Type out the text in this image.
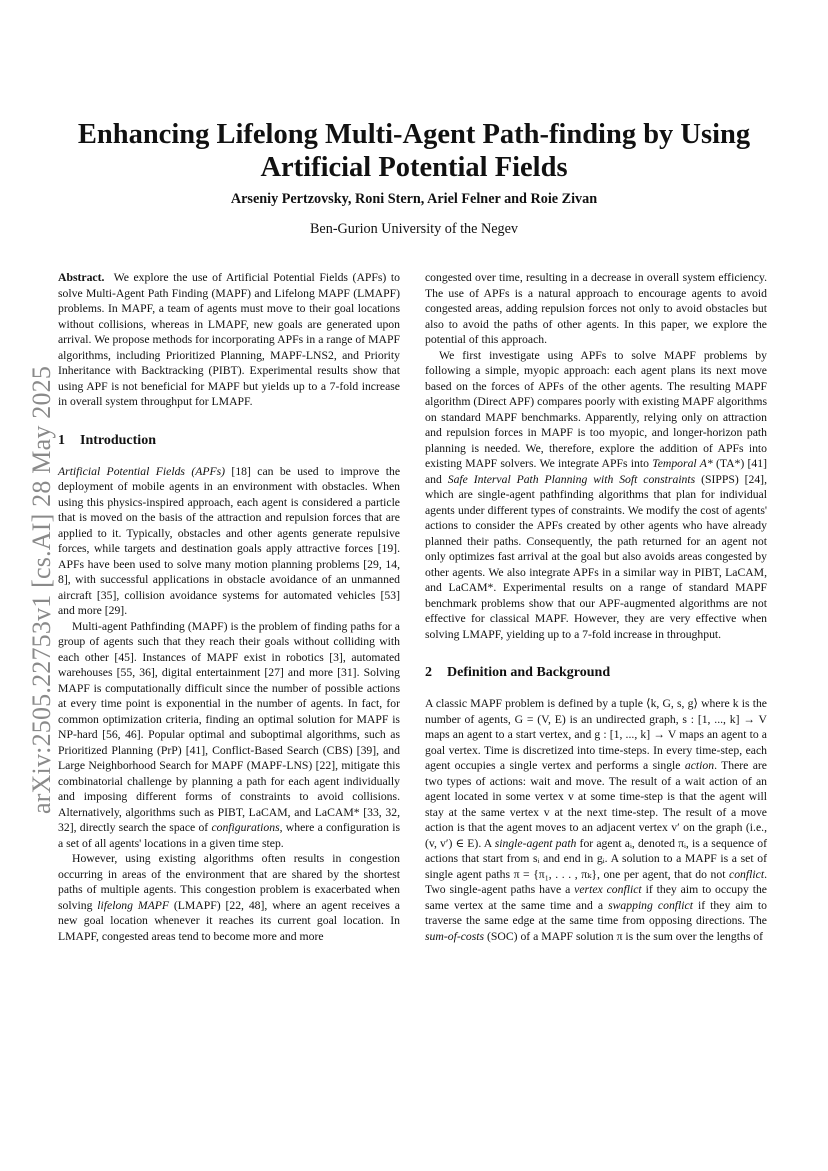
arXiv:2505.22753v1 [cs.AI] 28 May 2025
Enhancing Lifelong Multi-Agent Path-finding by Using
Artificial Potential Fields
Arseniy Pertzovsky, Roni Stern, Ariel Felner and Roie Zivan
Ben-Gurion University of the Negev

Abstract. We explore the use of Artificial Potential Fields (APFs) to solve Multi-Agent Path Finding (MAPF) and Lifelong MAPF (LMAPF) problems. In MAPF, a team of agents must move to their goal locations without collisions, whereas in LMAPF, new goals are generated upon arrival. We propose methods for incorporating APFs in a range of MAPF algorithms, including Prioritized Planning, MAPF-LNS2, and Priority Inheritance with Backtracking (PIBT). Experimental results show that using APF is not beneficial for MAPF but yields up to a 7-fold increase in overall system throughput for LMAPF.

1 Introduction

Artificial Potential Fields (APFs) [18] can be used to improve the deployment of mobile agents in an environment with obstacles. When using this physics-inspired approach, each agent is considered a particle that is moved on the basis of the attraction and repulsion forces that are applied to it. Typically, obstacles and other agents generate repulsive forces, while targets and destination goals apply attractive forces [19]. APFs have been used to solve many motion planning problems [29, 14, 8], with successful applications in obstacle avoidance of an unmanned aircraft [35], collision avoidance systems for automated vehicles [53] and more [29].

Multi-agent Pathfinding (MAPF) is the problem of finding paths for a group of agents such that they reach their goals without colliding with each other [45]. Instances of MAPF exist in robotics [3], automated warehouses [55, 36], digital entertainment [27] and more [31]. Solving MAPF is computationally difficult since the number of possible actions at every time point is exponential in the number of agents. In fact, for common optimization criteria, finding an optimal solution for MAPF is NP-hard [56, 46]. Popular optimal and suboptimal algorithms, such as Prioritized Planning (PrP) [41], Conflict-Based Search (CBS) [39], and Large Neighborhood Search for MAPF (MAPF-LNS) [22], mitigate this combinatorial challenge by planning a path for each agent individually and imposing different forms of constraints to avoid collisions. Alternatively, algorithms such as PIBT, LaCAM, and LaCAM* [33, 32, 32], directly search the space of configurations, where a configuration is a set of all agents' locations in a given time step.

However, using existing algorithms often results in congestion occurring in areas of the environment that are shared by the shortest paths of multiple agents. This congestion problem is exacerbated when solving lifelong MAPF (LMAPF) [22, 48], where an agent receives a new goal location whenever it reaches its current goal location. In LMAPF, congested areas tend to become more and more

congested over time, resulting in a decrease in overall system efficiency. The use of APFs is a natural approach to encourage agents to avoid congested areas, adding repulsion forces not only to avoid obstacles but also to avoid the paths of other agents. In this paper, we explore the potential of this approach.

We first investigate using APFs to solve MAPF problems by following a simple, myopic approach: each agent plans its next move based on the forces of APFs of the other agents. The resulting MAPF algorithm (Direct APF) compares poorly with existing MAPF algorithms on standard MAPF benchmarks. Apparently, relying only on attraction and repulsion forces in MAPF is too myopic, and longer-horizon path planning is needed. We, therefore, explore the addition of APFs into existing MAPF solvers. We integrate APFs into Temporal A* (TA*) [41] and Safe Interval Path Planning with Soft constraints (SIPPS) [24], which are single-agent pathfinding algorithms that plan for individual agents under different types of constraints. We modify the cost of agents' actions to consider the APFs created by other agents who have already planned their paths. Consequently, the path returned for an agent not only optimizes fast arrival at the goal but also avoids areas congested by other agents. We also integrate APFs in a similar way in PIBT, LaCAM, and LaCAM*. Experimental results on a range of standard MAPF benchmark problems show that our APF-augmented algorithms are not effective for classical MAPF. However, they are very effective when solving LMAPF, yielding up to a 7-fold increase in throughput.

2 Definition and Background

A classic MAPF problem is defined by a tuple ⟨k, G, s, g⟩ where k is the number of agents, G = (V, E) is an undirected graph, s : [1, ..., k] → V maps an agent to a start vertex, and g : [1, ..., k] → V maps an agent to a goal vertex. Time is discretized into time-steps. In every time-step, each agent occupies a single vertex and performs a single action. There are two types of actions: wait and move. The result of a wait action of an agent located in some vertex v at some time-step is that the agent will stay at the same vertex v at the next time-step. The result of a move action is that the agent moves to an adjacent vertex v′ on the graph (i.e., (v, v′) ∈ E). A single-agent path for agent aᵢ, denoted πᵢ, is a sequence of actions that start from sᵢ and end in gᵢ. A solution to a MAPF is a set of single agent paths π = {π₁, . . . , πₖ}, one per agent, that do not conflict. Two single-agent paths have a vertex conflict if they aim to occupy the same vertex at the same time and a swapping conflict if they aim to traverse the same edge at the same time from opposing directions. The sum-of-costs (SOC) of a MAPF solution π is the sum over the lengths of
